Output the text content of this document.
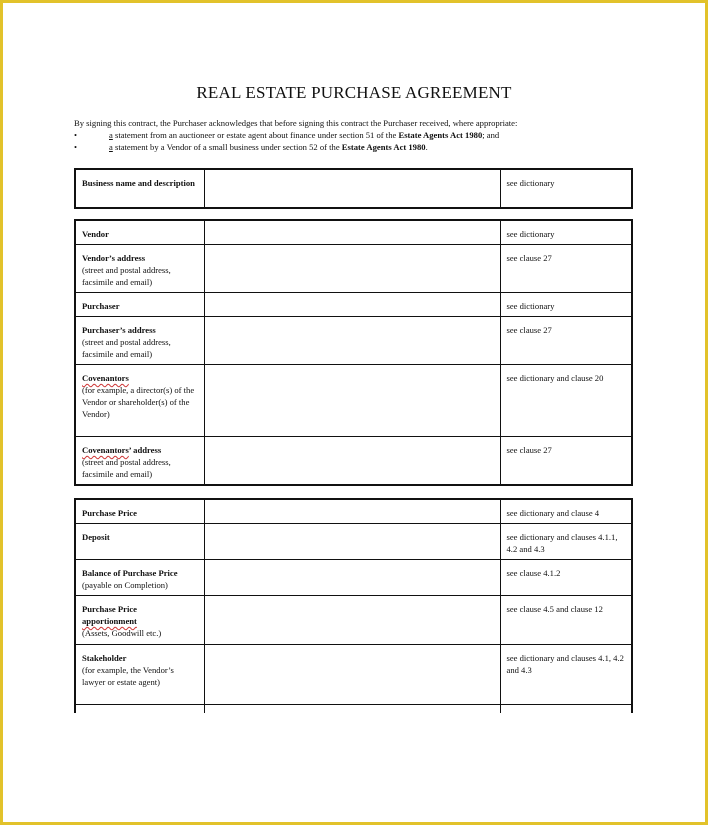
REAL ESTATE PURCHASE AGREEMENT

By signing this contract, the Purchaser acknowledges that before signing this contract the Purchaser received, where appropriate:

•	a statement from an auctioneer or estate agent about finance under section 51 of the Estate Agents Act 1980; and

•	a statement by a Vendor of a small business under section 52 of the Estate Agents Act 1980.

Business name and description		see dictionary
Vendor		see dictionary

Vendor’s address
(street and postal address, facsimile and email)		see clause 27
Purchaser		see dictionary

Purchaser’s address
(street and postal address, facsimile and email)		see clause 27

Covenantors
(for example, a director(s) of the Vendor or shareholder(s) of the Vendor)		see dictionary and clause 20

Covenantors’ address
(street and postal address, facsimile and email)		see clause 27
Purchase Price		see dictionary and clause 4
Deposit		see dictionary and clauses 4.1.1, 4.2 and 4.3

Balance of Purchase Price
(payable on Completion)		see clause 4.1.2

Purchase Price
apportionment
(Assets, Goodwill etc.)		see clause 4.5 and clause 12

Stakeholder
(for example, the Vendor’s lawyer or estate agent)		see dictionary and clauses 4.1, 4.2 and 4.3
